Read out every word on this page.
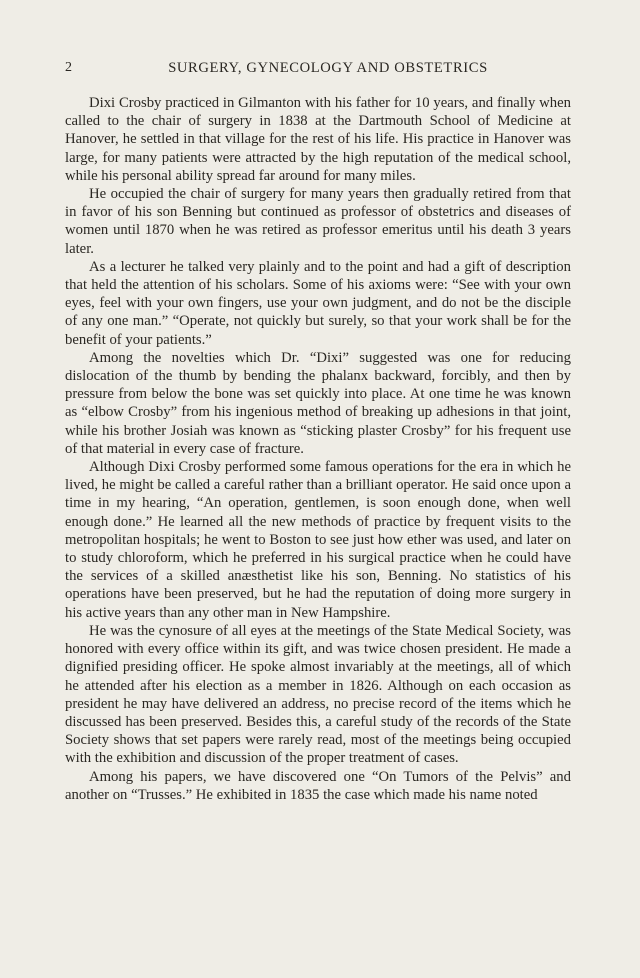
2	SURGERY, GYNECOLOGY AND OBSTETRICS

Dixi Crosby practiced in Gilmanton with his father for 10 years, and finally when called to the chair of surgery in 1838 at the Dartmouth School of Medicine at Hanover, he settled in that village for the rest of his life. His practice in Hanover was large, for many patients were attracted by the high reputation of the medical school, while his personal ability spread far around for many miles.

He occupied the chair of surgery for many years then gradually retired from that in favor of his son Benning but continued as professor of obstetrics and diseases of women until 1870 when he was retired as professor emeritus until his death 3 years later.

As a lecturer he talked very plainly and to the point and had a gift of description that held the attention of his scholars. Some of his axioms were: “See with your own eyes, feel with your own fingers, use your own judgment, and do not be the disciple of any one man.” “Operate, not quickly but surely, so that your work shall be for the benefit of your patients.”

Among the novelties which Dr. “Dixi” suggested was one for reducing dislocation of the thumb by bending the phalanx backward, forcibly, and then by pressure from below the bone was set quickly into place. At one time he was known as “elbow Crosby” from his ingenious method of breaking up adhesions in that joint, while his brother Josiah was known as “sticking plaster Crosby” for his frequent use of that material in every case of fracture.

Although Dixi Crosby performed some famous operations for the era in which he lived, he might be called a careful rather than a brilliant operator. He said once upon a time in my hearing, “An operation, gentlemen, is soon enough done, when well enough done.” He learned all the new methods of practice by frequent visits to the metropolitan hospitals; he went to Boston to see just how ether was used, and later on to study chloroform, which he preferred in his surgical practice when he could have the services of a skilled anæsthetist like his son, Benning. No statistics of his operations have been preserved, but he had the reputation of doing more surgery in his active years than any other man in New Hampshire.

He was the cynosure of all eyes at the meetings of the State Medical Society, was honored with every office within its gift, and was twice chosen president. He made a dignified presiding officer. He spoke almost invariably at the meetings, all of which he attended after his election as a member in 1826. Although on each occasion as president he may have delivered an address, no precise record of the items which he discussed has been preserved. Besides this, a careful study of the records of the State Society shows that set papers were rarely read, most of the meetings being occupied with the exhibition and discussion of the proper treatment of cases.

Among his papers, we have discovered one “On Tumors of the Pelvis” and another on “Trusses.” He exhibited in 1835 the case which made his name noted
